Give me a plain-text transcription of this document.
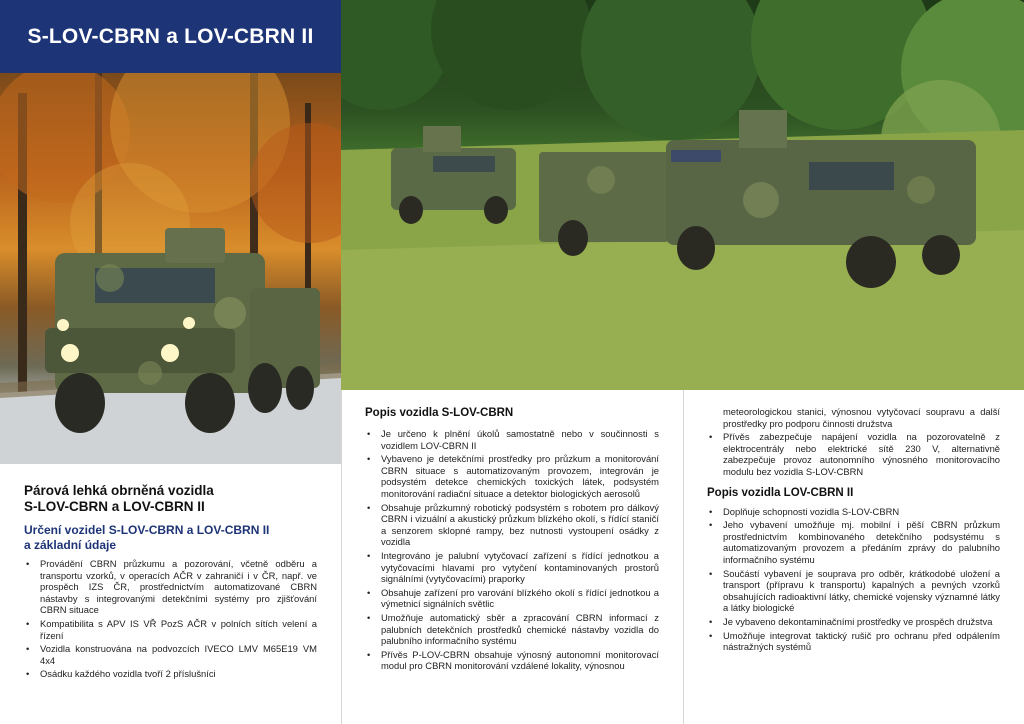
S-LOV-CBRN a LOV-CBRN II

Párová lehká obrněná vozidla

S-LOV-CBRN a LOV-CBRN II

Určení vozidel S-LOV-CBRN a LOV-CBRN II

a základní údaje

• Provádění CBRN průzkumu a pozorování, včetně odběru a transportu vzorků, v operacích AČR v zahraničí i v ČR, např. ve prospěch IZS ČR, prostřednictvím automatizované CBRN nástavby s integrovanými detekčními systémy pro zjišťování CBRN situace
• Kompatibilita s APV IS VŘ PozS AČR v polních sítích velení a řízení
• Vozidla konstruována na podvozcích IVECO LMV M65E19 VM 4x4
• Osádku každého vozidla tvoří 2 příslušníci

Popis vozidla S-LOV-CBRN

• Je určeno k plnění úkolů samostatně nebo v součinnosti s vozidlem LOV-CBRN II
• Vybaveno je detekčními prostředky pro průzkum a monitorování CBRN situace s automatizovaným provozem, integrován je podsystém detekce chemických toxických látek, podsystém monitorování radiační situace a detektor biologických aerosolů
• Obsahuje průzkumný robotický podsystém s robotem pro dálkový CBRN i vizuální a akustický průzkum blízkého okolí, s řídící staničí a senzorem sklopné rampy, bez nutnosti vystoupení osádky z vozidla
• Integrováno je palubní vytyčovací zařízení s řídící jednotkou a vytyčovacími hlavami pro vytyčení kontaminovaných prostorů signálními (vytyčovacími) praporky
• Obsahuje zařízení pro varování blízkého okolí s řídící jednotkou a výmetnicí signálních světlic
• Umožňuje automatický sběr a zpracování CBRN informací z palubních detekčních prostředků chemické nástavby vozidla do palubního informačního systému
• Přívěs P-LOV-CBRN obsahuje výnosný autonomní monitorovací modul pro CBRN monitorování vzdálené lokality, výnosnou

meteorologickou stanici, výnosnou vytyčovací soupravu a další prostředky pro podporu činnosti družstva

• Přívěs zabezpečuje napájení vozidla na pozorovatelně z elektrocentrály nebo elektrické sítě 230 V, alternativně zabezpečuje provoz autonomního výnosného monitorovacího modulu bez vozidla S-LOV-CBRN

Popis vozidla LOV-CBRN II

• Doplňuje schopnosti vozidla S-LOV-CBRN
• Jeho vybavení umožňuje mj. mobilní i pěší CBRN průzkum prostřednictvím kombinovaného detekčního podsystému s automatizovaným provozem a předáním zprávy do palubního informačního systému
• Součástí vybavení je souprava pro odběr, krátkodobé uložení a transport (přípravu k transportu) kapalných a pevných vzorků obsahujících radioaktivní látky, chemické vojensky významné látky a látky biologické
• Je vybaveno dekontaminačními prostředky ve prospěch družstva
• Umožňuje integrovat taktický rušič pro ochranu před odpálením nástražných systémů
